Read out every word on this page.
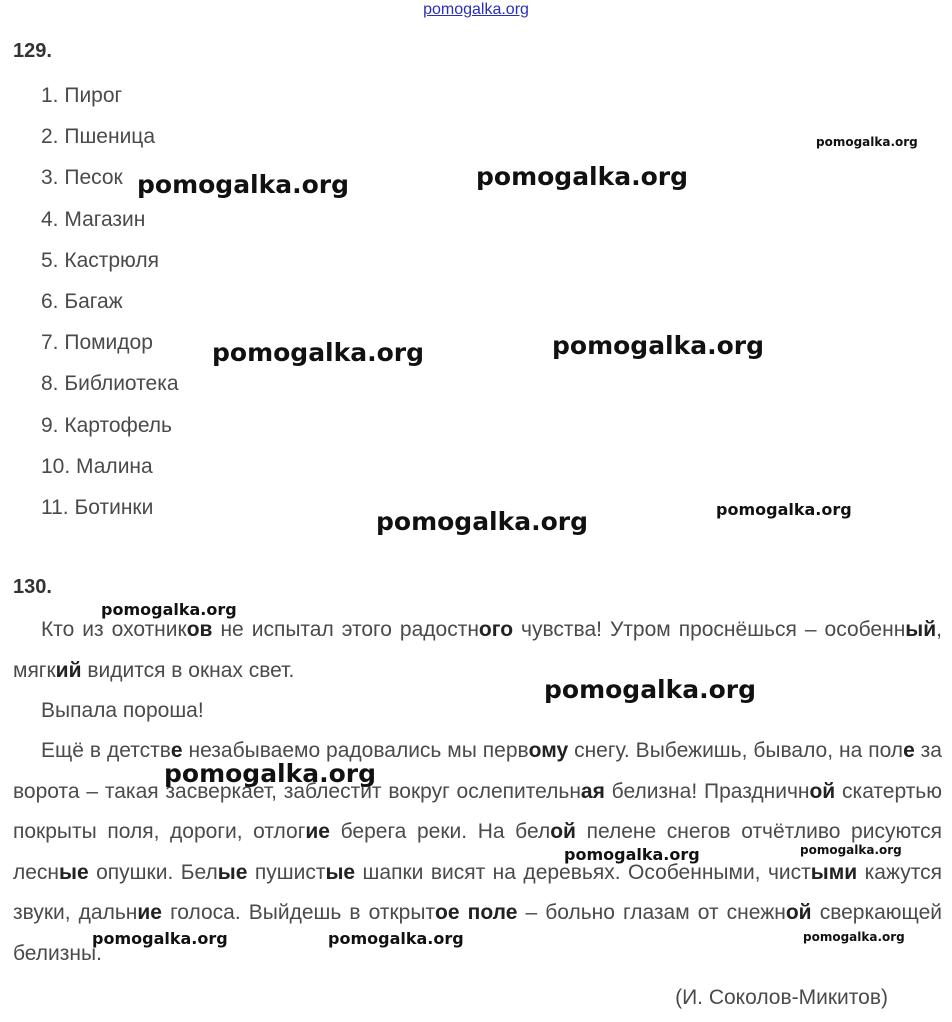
pomogalka.org
129.
1. Пирог
2. Пшеница
3. Песок
4. Магазин
5. Кастрюля
6. Багаж
7. Помидор
8. Библиотека
9. Картофель
10. Малина
11. Ботинки
130.

Кто из охотников не испытал этого радостного чувства! Утром проснёшься – особенный, мягкий видится в окнах свет.

Выпала пороша!

Ещё в детстве незабываемо радовались мы первому снегу. Выбежишь, бывало, на поле за ворота – такая засверкает, заблестит вокруг ослепительная белизна! Праздничной скатертью покрыты поля, дороги, отлогие берега реки. На белой пелене снегов отчётливо рисуются лесные опушки. Белые пушистые шапки висят на деревьях. Особенными, чистыми кажутся звуки, дальние голоса. Выйдешь в открытое поле – больно глазам от снежной сверкающей белизны.

(И. Соколов-Микитов)
pomogalka.org	pomogalka.org
pomogalka.org
pomogalka.org	pomogalka.org
pomogalka.org	pomogalka.org
pomogalka.org
pomogalka.org
pomogalka.org
pomogalka.org	pomogalka.org
pomogalka.org	pomogalka.org	pomogalka.org
